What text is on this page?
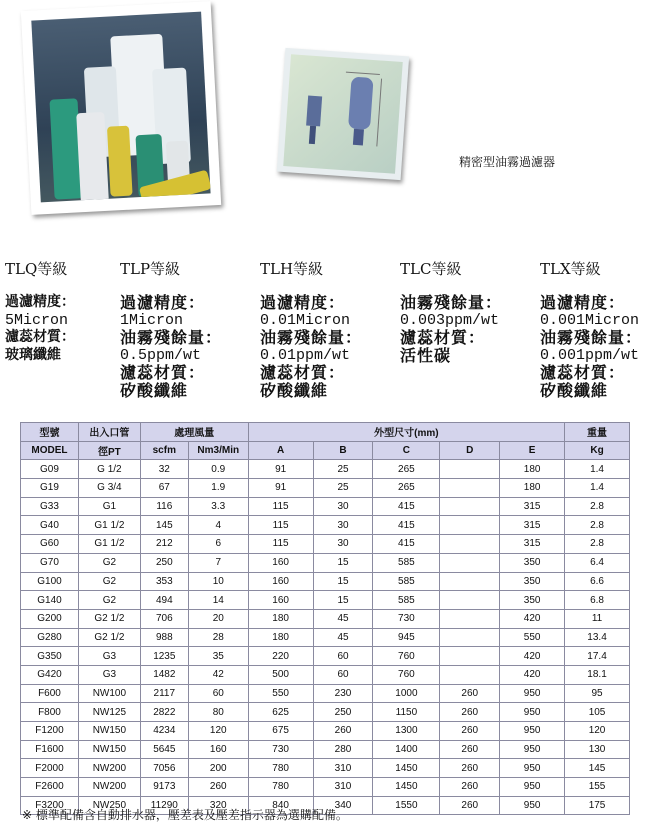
精密型油霧過濾器
TLQ等級
過濾精度：
5Micron
濾蕊材質：
玻璃纖維
TLP等級
過濾精度：
1Micron
油霧殘餘量：
0.5ppm/wt
濾蕊材質：
矽酸纖維
TLH等級
過濾精度：
0.01Micron
油霧殘餘量：
0.01ppm/wt
濾蕊材質：
矽酸纖維
TLC等級
油霧殘餘量：
0.003ppm/wt
濾蕊材質：
活性碳
TLX等級
過濾精度：
0.001Micron
油霧殘餘量：
0.001ppm/wt
濾蕊材質：
矽酸纖維
型號	出入口管	處理風量		外型尺寸(mm)					重量
MODEL	徑PT	scfm	Nm3/Min	A	B	C	D	E	Kg
G09	G 1/2	32	0.9	91	25	265		180	1.4
G19	G 3/4	67	1.9	91	25	265		180	1.4
G33	G1	116	3.3	115	30	415		315	2.8
G40	G1 1/2	145	4	115	30	415		315	2.8
G60	G1 1/2	212	6	115	30	415		315	2.8
G70	G2	250	7	160	15	585		350	6.4
G100	G2	353	10	160	15	585		350	6.6
G140	G2	494	14	160	15	585		350	6.8
G200	G2 1/2	706	20	180	45	730		420	11
G280	G2 1/2	988	28	180	45	945		550	13.4
G350	G3	1235	35	220	60	760		420	17.4
G420	G3	1482	42	500	60	760		420	18.1
F600	NW100	2117	60	550	230	1000	260	950	95
F800	NW125	2822	80	625	250	1150	260	950	105
F1200	NW150	4234	120	675	260	1300	260	950	120
F1600	NW150	5645	160	730	280	1400	260	950	130
F2000	NW200	7056	200	780	310	1450	260	950	145
F2600	NW200	9173	260	780	310	1450	260	950	155
F3200	NW250	11290	320	840	340	1550	260	950	175
※ 標準配備含自動排水器，壓差表及壓差指示器為選購配備。
